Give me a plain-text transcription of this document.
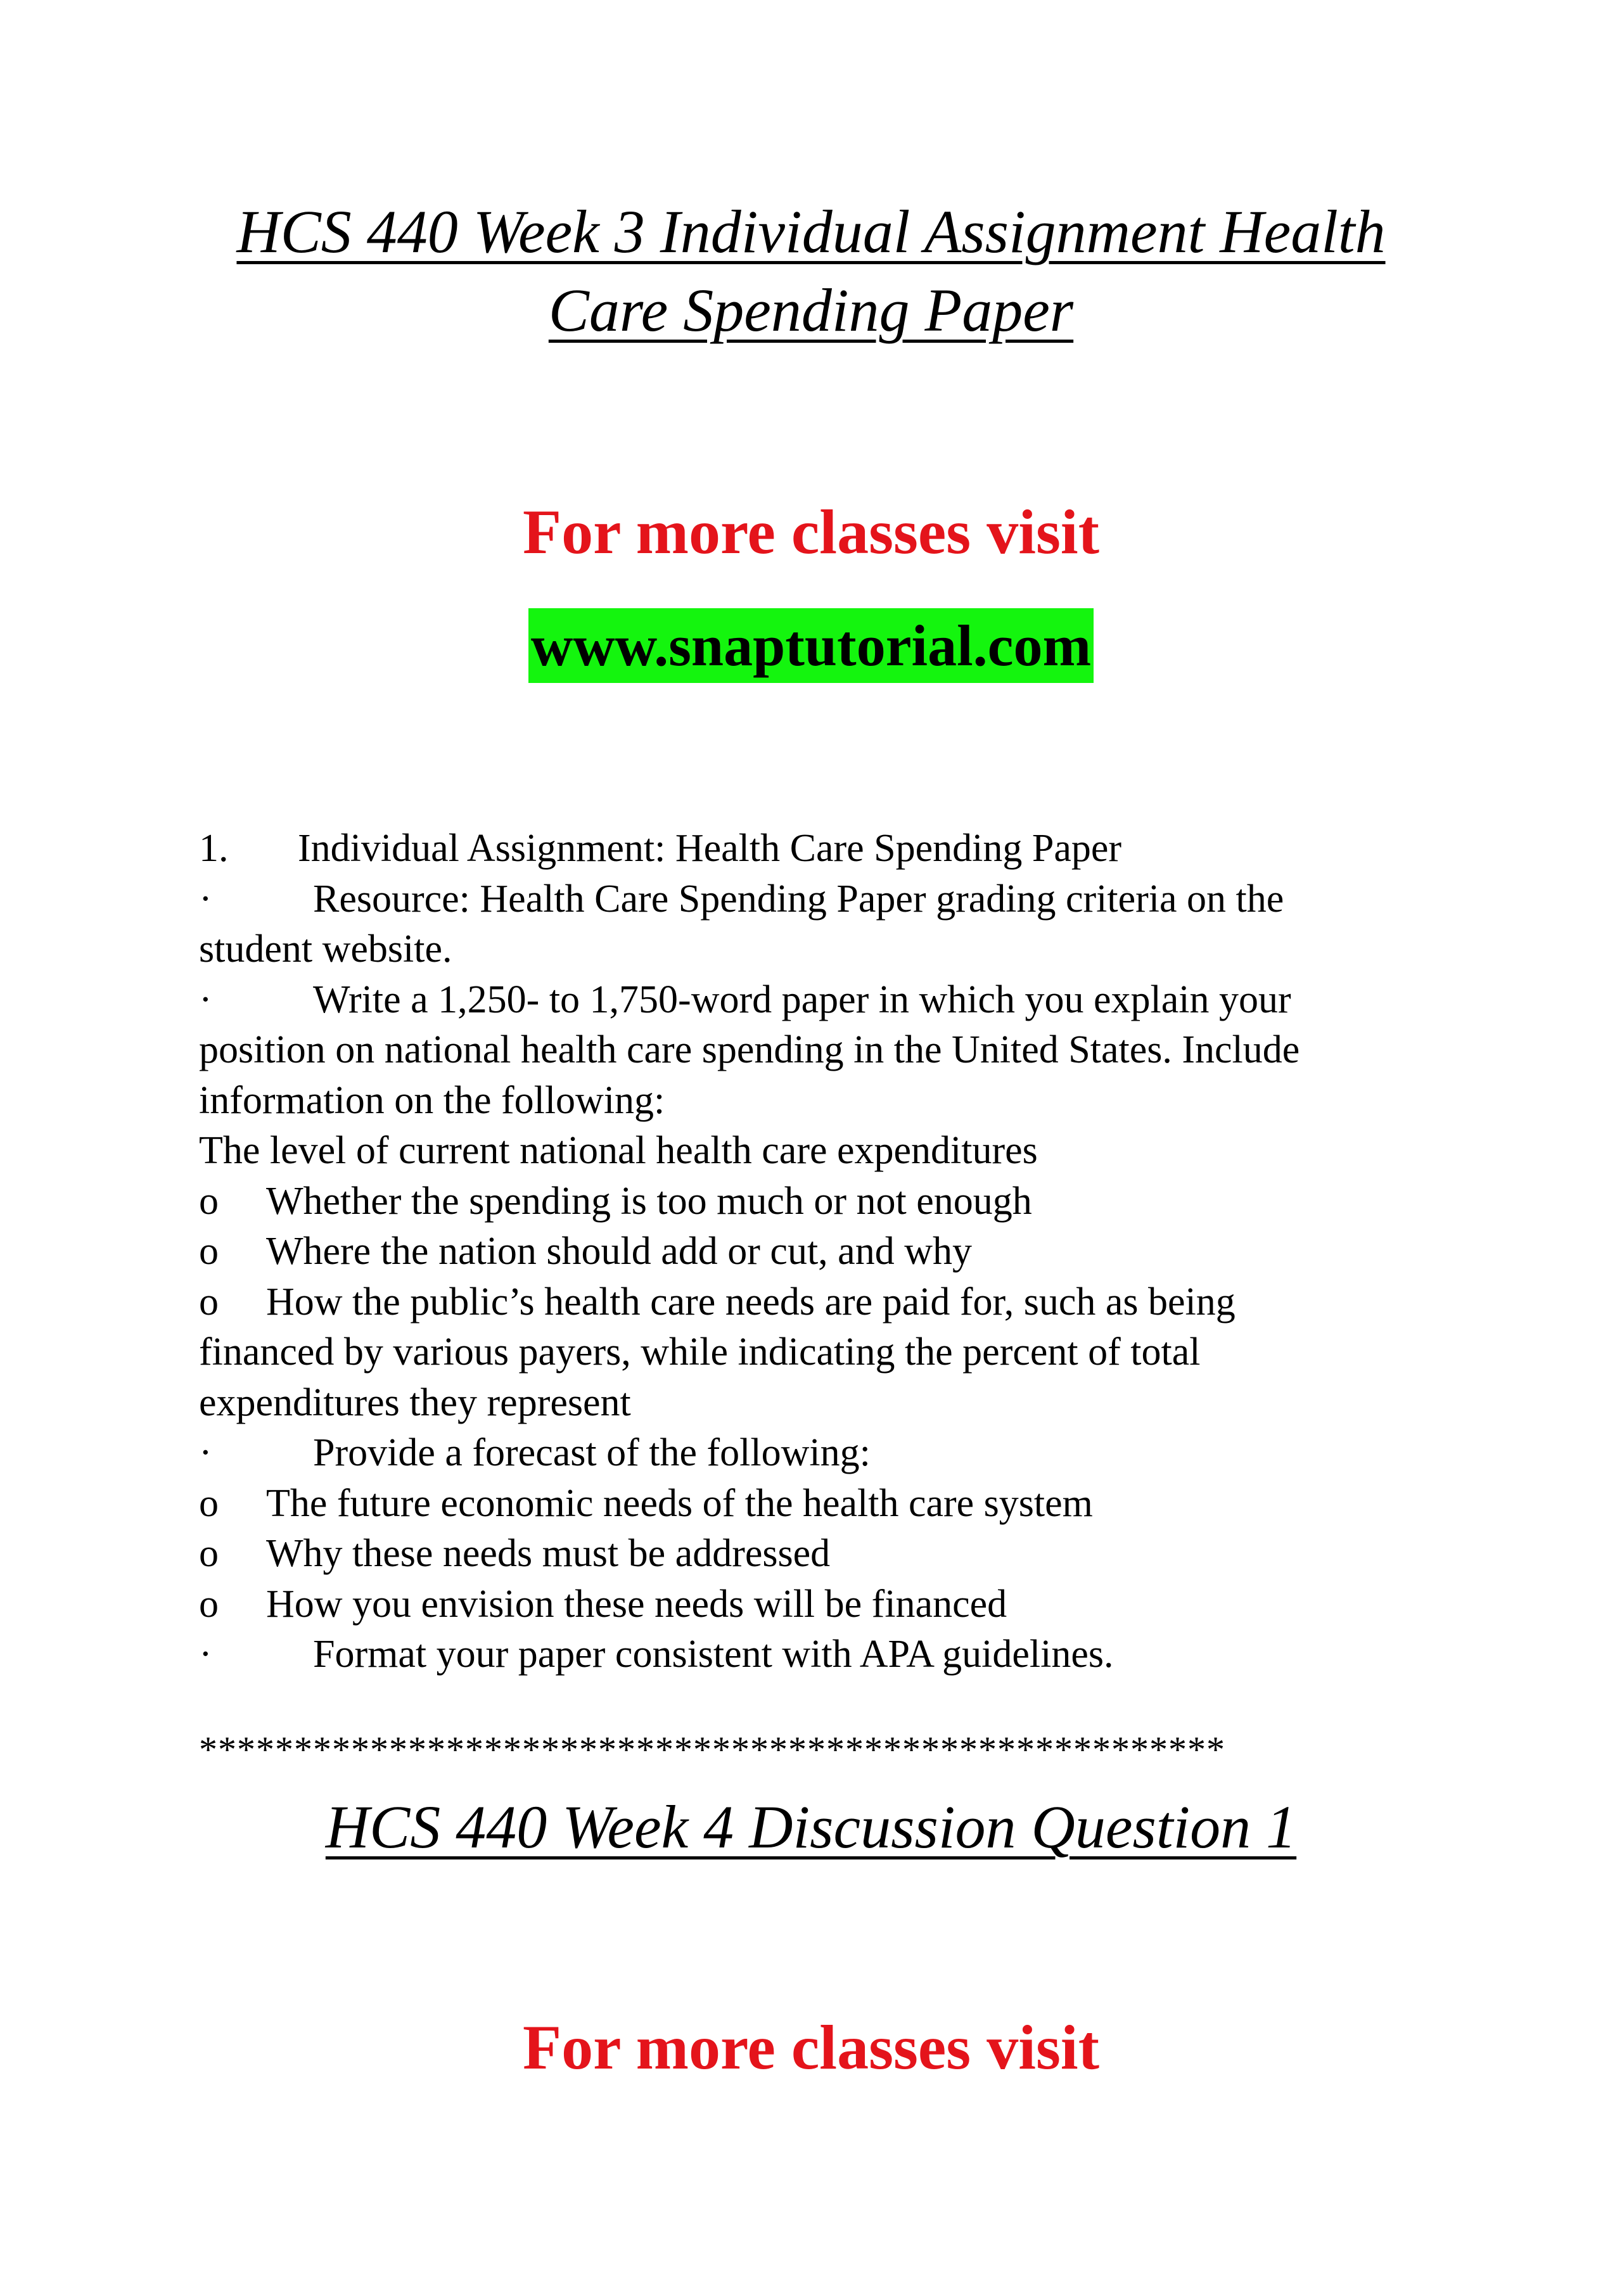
HCS 440 Week 3 Individual Assignment Health
Care Spending Paper
For more classes visit
www.snaptutorial.com
1. Individual Assignment: Health Care Spending Paper
·	Resource: Health Care Spending Paper grading criteria on the
student website.
·	Write a 1,250- to 1,750-word paper in which you explain your
position on national health care spending in the United States. Include
information on the following:
The level of current national health care expenditures
o Whether the spending is too much or not enough
o Where the nation should add or cut, and why
o How the public’s health care needs are paid for, such as being
financed by various payers, while indicating the percent of total
expenditures they represent
·	Provide a forecast of the following:
o The future economic needs of the health care system
o Why these needs must be addressed
o How you envision these needs will be financed
·	Format your paper consistent with APA guidelines.
******************************************************
HCS 440 Week 4 Discussion Question 1
For more classes visit
